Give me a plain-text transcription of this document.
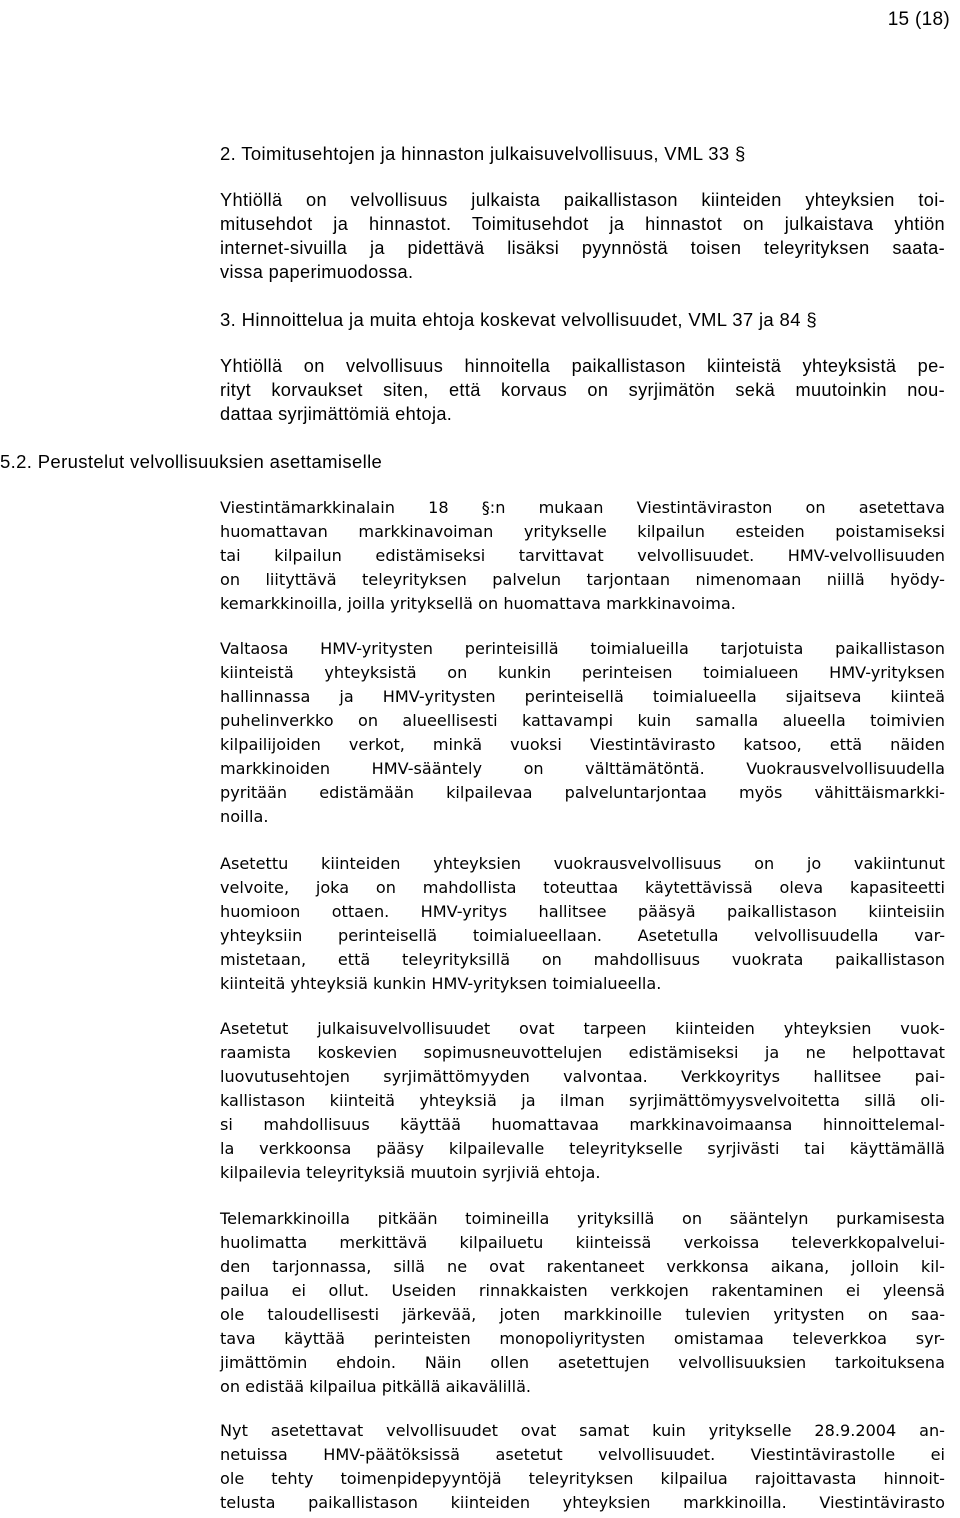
15 (18)
2. Toimitusehtojen ja hinnaston julkaisuvelvollisuus, VML 33 §
Yhtiöllä on velvollisuus julkaista paikallistason kiinteiden yhteyksien toi-
mitusehdot ja hinnastot. Toimitusehdot ja hinnastot on julkaistava yhtiön
internet-sivuilla ja pidettävä lisäksi pyynnöstä toisen teleyrityksen saata-
vissa paperimuodossa.
3. Hinnoittelua ja muita ehtoja koskevat velvollisuudet, VML 37 ja 84 §
Yhtiöllä on velvollisuus hinnoitella paikallistason kiinteistä yhteyksistä pe-
rityt korvaukset siten, että korvaus on syrjimätön sekä muutoinkin nou-
dattaa syrjimättömiä ehtoja.
5.2. Perustelut velvollisuuksien asettamiselle
Viestintämarkkinalain 18 §:n mukaan Viestintäviraston on asetettava
huomattavan markkinavoiman yritykselle kilpailun esteiden poistamiseksi
tai kilpailun edistämiseksi tarvittavat velvollisuudet. HMV-velvollisuuden
on liityttävä teleyrityksen palvelun tarjontaan nimenomaan niillä hyödy-
kemarkkinoilla, joilla yrityksellä on huomattava markkinavoima.
Valtaosa HMV-yritysten perinteisillä toimialueilla tarjotuista paikallistason
kiinteistä yhteyksistä on kunkin perinteisen toimialueen HMV-yrityksen
hallinnassa ja HMV-yritysten perinteisellä toimialueella sijaitseva kiinteä
puhelinverkko on alueellisesti kattavampi kuin samalla alueella toimivien
kilpailijoiden verkot, minkä vuoksi Viestintävirasto katsoo, että näiden
markkinoiden HMV-sääntely on välttämätöntä. Vuokrausvelvollisuudella
pyritään edistämään kilpailevaa palveluntarjontaa myös vähittäismarkki-
noilla.
Asetettu kiinteiden yhteyksien vuokrausvelvollisuus on jo vakiintunut
velvoite, joka on mahdollista toteuttaa käytettävissä oleva kapasiteetti
huomioon ottaen. HMV-yritys hallitsee pääsyä paikallistason kiinteisiin
yhteyksiin perinteisellä toimialueellaan. Asetetulla velvollisuudella var-
mistetaan, että teleyrityksillä on mahdollisuus vuokrata paikallistason
kiinteitä yhteyksiä kunkin HMV-yrityksen toimialueella.
Asetetut julkaisuvelvollisuudet ovat tarpeen kiinteiden yhteyksien vuok-
raamista koskevien sopimusneuvottelujen edistämiseksi ja ne helpottavat
luovutusehtojen syrjimättömyyden valvontaa. Verkkoyritys hallitsee pai-
kallistason kiinteitä yhteyksiä ja ilman syrjimättömyysvelvoitetta sillä oli-
si mahdollisuus käyttää huomattavaa markkinavoimaansa hinnoittelemal-
la verkkoonsa pääsy kilpailevalle teleyritykselle syrjivästi tai käyttämällä
kilpailevia teleyrityksiä muutoin syrjiviä ehtoja.
Telemarkkinoilla pitkään toimineilla yrityksillä on sääntelyn purkamisesta
huolimatta merkittävä kilpailuetu kiinteissä verkoissa televerkkopalvelui-
den tarjonnassa, sillä ne ovat rakentaneet verkkonsa aikana, jolloin kil-
pailua ei ollut. Useiden rinnakkaisten verkkojen rakentaminen ei yleensä
ole taloudellisesti järkevää, joten markkinoille tulevien yritysten on saa-
tava käyttää perinteisten monopoliyritysten omistamaa televerkkoa syr-
jimättömin ehdoin. Näin ollen asetettujen velvollisuuksien tarkoituksena
on edistää kilpailua pitkällä aikavälillä.
Nyt asetettavat velvollisuudet ovat samat kuin yritykselle 28.9.2004 an-
netuissa HMV-päätöksissä asetetut velvollisuudet. Viestintävirastolle ei
ole tehty toimenpidepyyntöjä teleyrityksen kilpailua rajoittavasta hinnoit-
telusta paikallistason kiinteiden yhteyksien markkinoilla. Viestintävirasto
